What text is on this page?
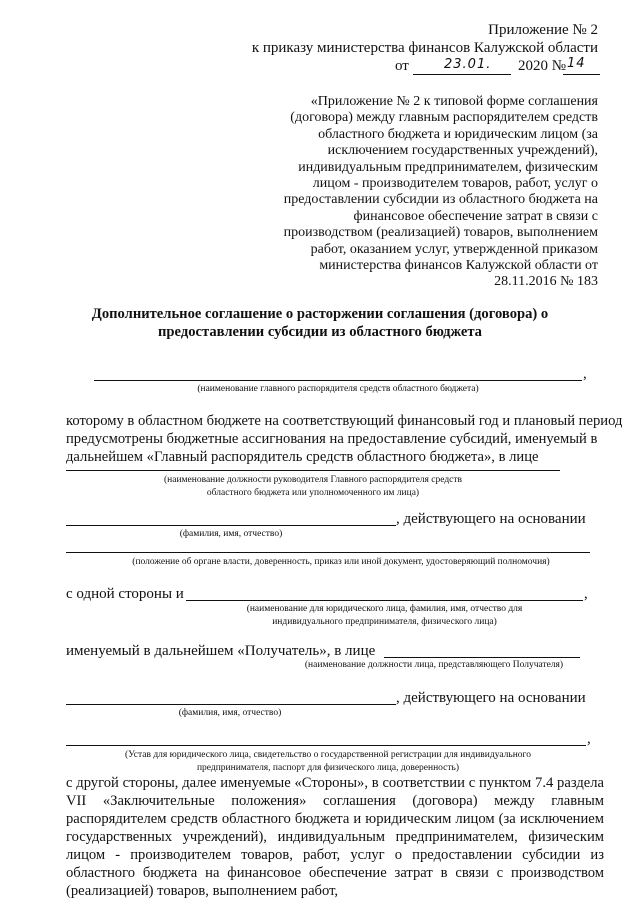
Приложение № 2
к приказу министерства финансов Калужской области
от	23.01. 2020 № 14
«Приложение № 2 к типовой форме соглашения
(договора) между главным распорядителем средств
областного бюджета и юридическим лицом (за
исключением государственных учреждений),
индивидуальным предпринимателем, физическим
лицом - производителем товаров, работ, услуг о
предоставлении субсидии из областного бюджета на
финансовое обеспечение затрат в связи с
производством (реализацией) товаров, выполнением
работ, оказанием услуг, утвержденной приказом
министерства финансов Калужской области от
28.11.2016 № 183
Дополнительное соглашение о расторжении соглашения (договора) о
предоставлении субсидии из областного бюджета
,
(наименование главного распорядителя средств областного бюджета)
которому в областном бюджете на соответствующий финансовый год и плановый период
предусмотрены бюджетные ассигнования на предоставление субсидий, именуемый в
дальнейшем «Главный распорядитель средств областного бюджета», в лице
(наименование должности руководителя Главного распорядителя средств
областного бюджета или уполномоченного им лица)
, действующего на основании
(фамилия, имя, отчество)
(положение об органе власти, доверенность, приказ или иной документ, удостоверяющий полномочия)
с одной стороны и	,
(наименование для юридического лица, фамилия, имя, отчество для
индивидуального предпринимателя, физического лица)
именуемый в дальнейшем «Получатель», в лице
(наименование должности лица, представляющего Получателя)
, действующего на основании
(фамилия, имя, отчество)
,
(Устав для юридического лица, свидетельство о государственной регистрации для индивидуального
предпринимателя, паспорт для физического лица, доверенность)
с другой стороны, далее именуемые «Стороны», в соответствии с пунктом 7.4 раздела VII «Заключительные положения» соглашения (договора) между главным распорядителем средств областного бюджета и юридическим лицом (за исключением государственных учреждений), индивидуальным предпринимателем, физическим лицом - производителем товаров, работ, услуг о предоставлении субсидии из областного бюджета на финансовое обеспечение затрат в связи с производством (реализацией) товаров, выполнением работ,
